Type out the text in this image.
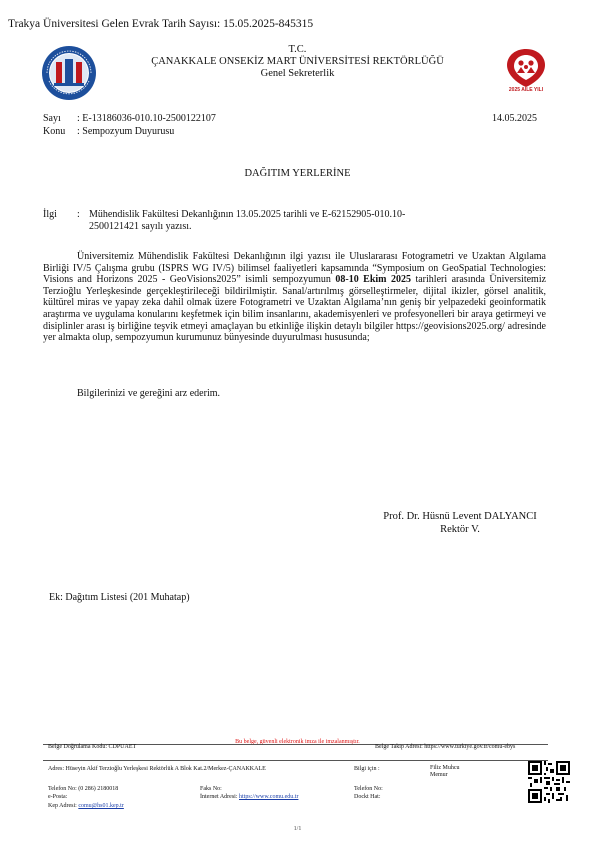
Trakya Üniversitesi Gelen Evrak Tarih Sayısı: 15.05.2025-845315
T.C.
ÇANAKKALE ONSEKİZ MART ÜNİVERSİTESİ REKTÖRLÜĞÜ
Genel Sekreterlik
2025 AİLE YILI
Sayı : E-13186036-010.10-2500122107
Konu : Sempozyum Duyurusu
14.05.2025
DAĞITIM YERLERİNE
İlgi : Mühendislik Fakültesi Dekanlığının 13.05.2025 tarihli ve E-62152905-010.10-
2500121421 sayılı yazısı.

Üniversitemiz Mühendislik Fakültesi Dekanlığının ilgi yazısı ile Uluslararası Fotogrametri ve Uzaktan Algılama Birliği IV/5 Çalışma grubu (ISPRS WG IV/5) bilimsel faaliyetleri kapsamında “Symposium on GeoSpatial Technologies: Visions and Horizons 2025 - GeoVisions2025” isimli sempozyumun 08-10 Ekim 2025 tarihleri arasında Üniversitemiz Terzioğlu Yerleşkesinde gerçekleştirileceği bildirilmiştir. Sanal/artırılmış görselleştirmeler, dijital ikizler, görsel analitik, kültürel miras ve yapay zeka dahil olmak üzere Fotogrametri ve Uzaktan Algılama’nın geniş bir yelpazedeki geoinformatik araştırma ve uygulama konularını keşfetmek için bilim insanlarını, akademisyenleri ve profesyonelleri bir araya getirmeyi ve disiplinler arası iş birliğine teşvik etmeyi amaçlayan bu etkinliğe ilişkin detaylı bilgiler https://geovisions2025.org/ adresinde yer almakta olup, sempozyumun kurumunuz bünyesinde duyurulması hususunda;

Bilgilerinizi ve gereğini arz ederim.
Prof. Dr. Hüsnü Levent DALYANCI
Rektör V.
Ek: Dağıtım Listesi (201 Muhatap)
Bu belge, güvenli elektronik imza ile imzalanmıştır.
Belge Doğrulama Kodu: CDPUAET	Belge Takip Adresi: https://www.turkiye.gov.tr/comu-ebys
Adres: Hüseyin Akif Terzioğlu Yerleşkesi Rektörlük A Blok Kat.2/Merkez-ÇANAKKALE	Bilgi için :	Filiz Muhcu
Memur
Telefon No: (0 286) 2180018
e-Posta:
Kep Adresi: comu@hs01.kep.tr
Faks No:
İnternet Adresi: https://www.comu.edu.tr
Telefon No:
Dockt Hat:
1/1
